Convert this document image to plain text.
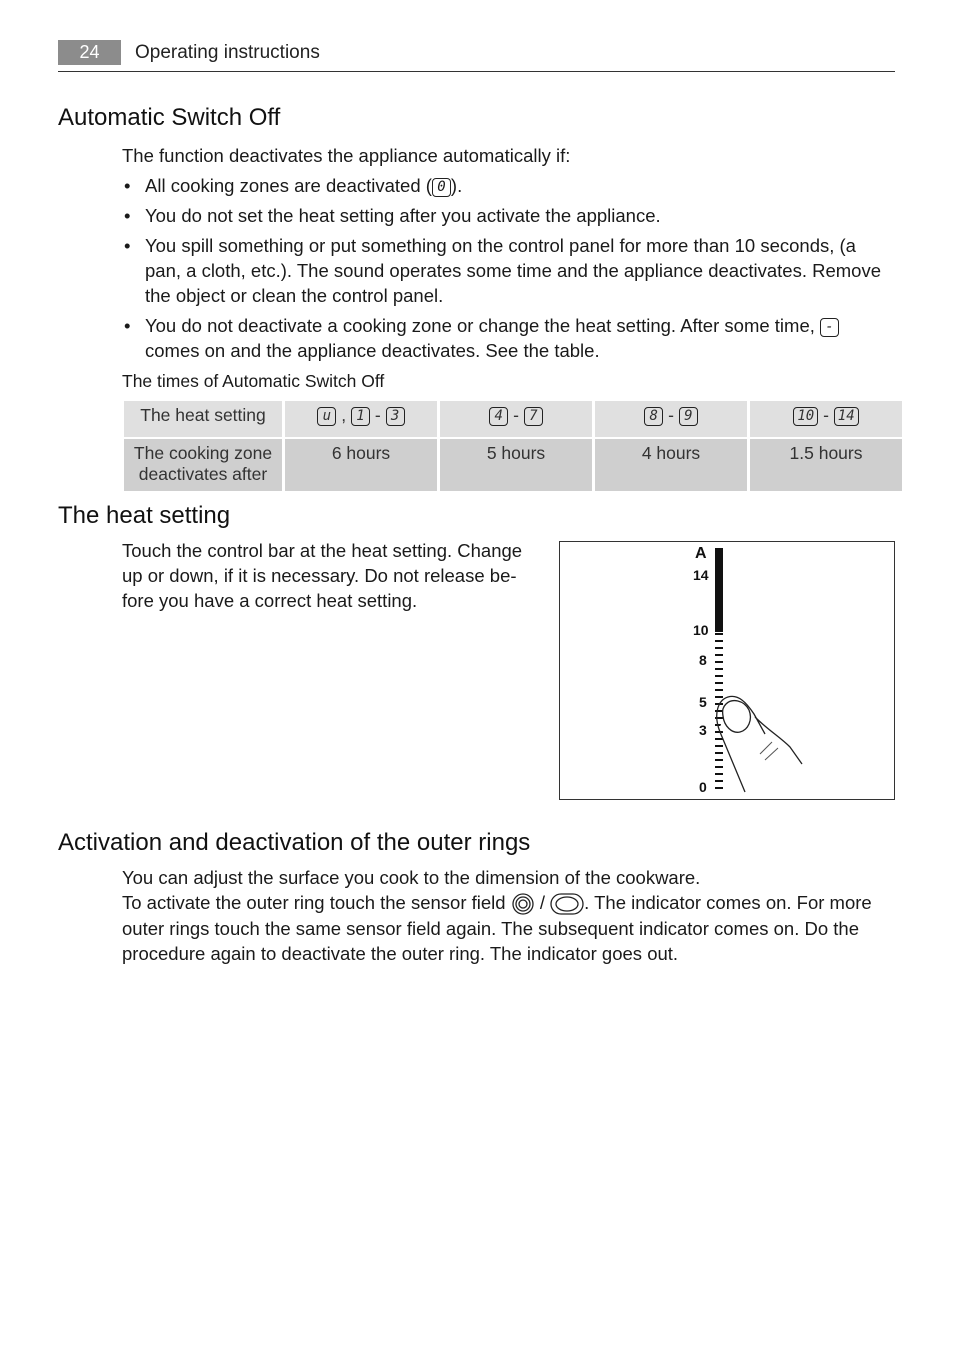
24	Operating instructions
Automatic Switch Off
The function deactivates the appliance automatically if:
• All cooking zones are deactivated ( 0 ).
• You do not set the heat setting after you activate the appliance.
• You spill something or put something on the control panel for more than 10 seconds, (a pan, a cloth, etc.). The sound operates some time and the appliance deactivates. Remove the object or clean the control panel.
• You do not deactivate a cooking zone or change the heat setting. After some time, - comes on and the appliance deactivates. See the table.
The times of Automatic Switch Off
The heat setting	u , 1 - 3	4 - 7	8 - 9	10 - 14
The cooking zone deactivates after	6 hours	5 hours	4 hours	1.5 hours
The heat setting
Touch the control bar at the heat setting. Change up or down, if it is necessary. Do not release be-fore you have a correct heat setting.
A
14
10
8
5
3
0
Activation and deactivation of the outer rings
You can adjust the surface you cook to the dimension of the cookware.
To activate the outer ring touch the sensor field / . The indicator comes on. For more outer rings touch the same sensor field again. The subsequent indicator comes on. Do the procedure again to deactivate the outer ring. The indicator goes out.
